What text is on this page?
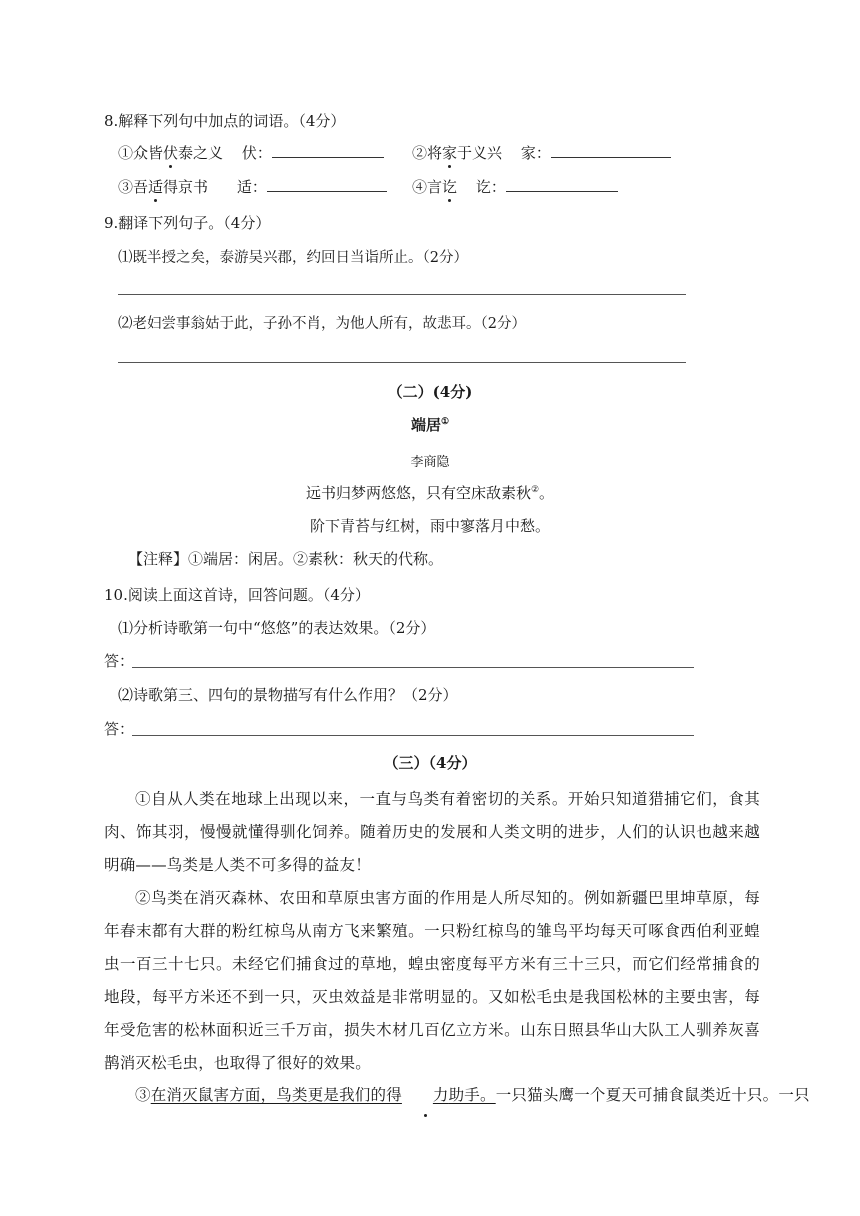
8.解释下列句中加点的词语。（4分）
①众皆伏泰之义 伏：	②将家于义兴 家：
③吾适得京书 适：	④言讫 讫：
9.翻译下列句子。（4分）
⑴既半授之矣，泰游吴兴郡，约回日当诣所止。（2分）
⑵老妇尝事翁姑于此，子孙不肖，为他人所有，故悲耳。（2分）
（二）(4分)
端居①
李商隐
远书归梦两悠悠，只有空床敌素秋②。
阶下青苔与红树，雨中寥落月中愁。
【注释】①端居：闲居。②素秋：秋天的代称。
10.阅读上面这首诗，回答问题。（4分）
⑴分析诗歌第一句中“悠悠”的表达效果。（2分）
答：
⑵诗歌第三、四句的景物描写有什么作用？（2分）
答：
（三）（4分）

①自从人类在地球上出现以来，一直与鸟类有着密切的关系。开始只知道猎捕它们，食其肉、饰其羽，慢慢就懂得驯化饲养。随着历史的发展和人类文明的进步，人们的认识也越来越明确——鸟类是人类不可多得的益友！

②鸟类在消灭森林、农田和草原虫害方面的作用是人所尽知的。例如新疆巴里坤草原，每年春末都有大群的粉红椋鸟从南方飞来繁殖。一只粉红椋鸟的雏鸟平均每天可啄食西伯利亚蝗虫一百三十七只。未经它们捕食过的草地，蝗虫密度每平方米有三十三只，而它们经常捕食的地段，每平方米还不到一只，灭虫效益是非常明显的。又如松毛虫是我国松林的主要虫害，每年受危害的松林面积近三千万亩，损失木材几百亿立方米。山东日照县华山大队工人驯养灰喜鹊消灭松毛虫，也取得了很好的效果。

③在消灭鼠害方面，鸟类更是我们的得 力助手。一只猫头鹰一个夏天可捕食鼠类近十只。一只
